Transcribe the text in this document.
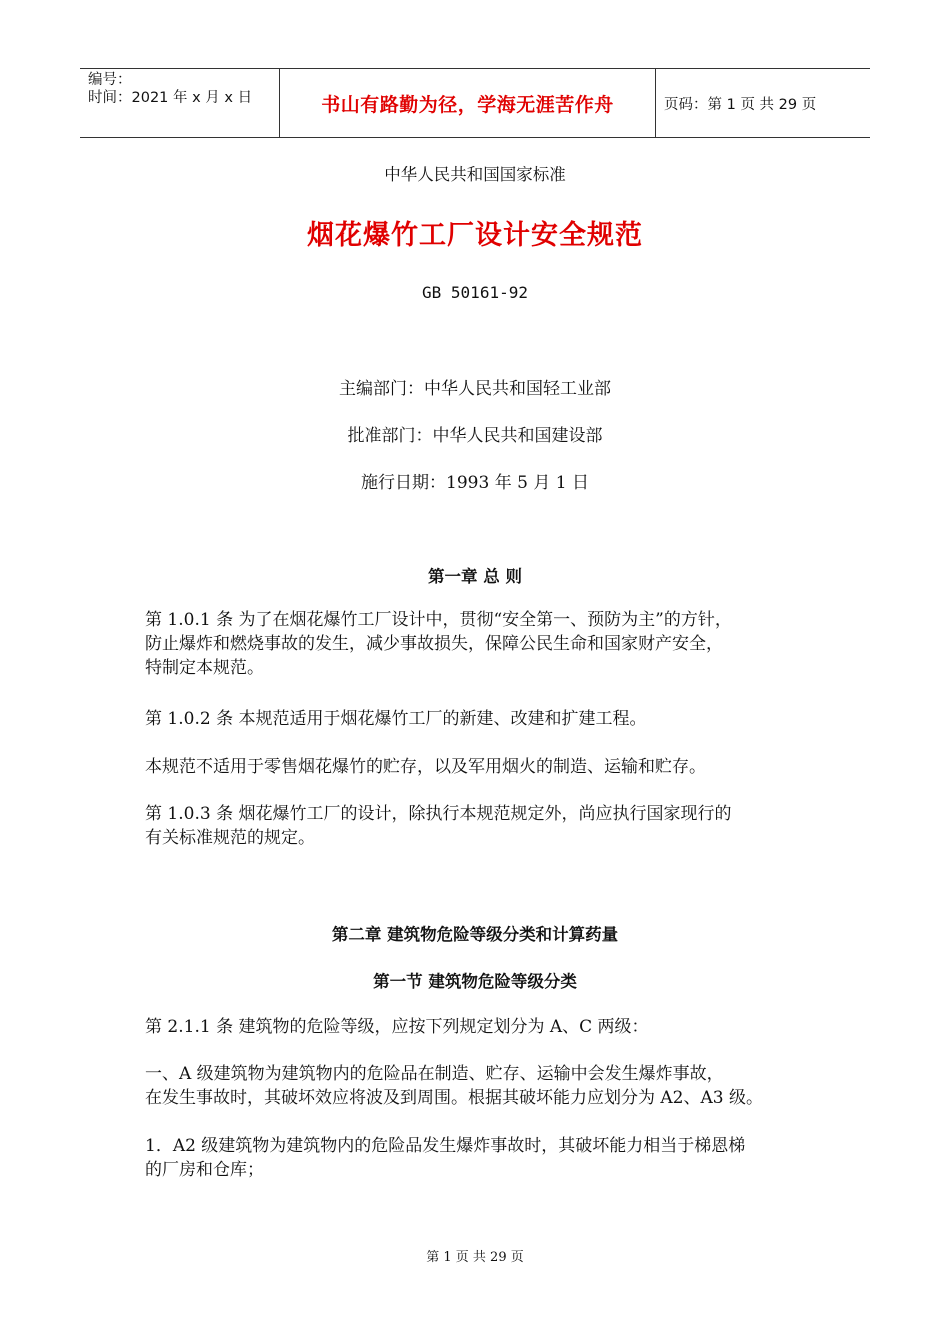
编号：
时间：2021 年 x 月 x 日	书山有路勤为径，学海无涯苦作舟	页码：第 1 页 共 29 页
中华人民共和国国家标准
烟花爆竹工厂设计安全规范
GB 50161-92
主编部门：中华人民共和国轻工业部
批准部门：中华人民共和国建设部
施行日期：1993 年 5 月 1 日
第一章 总 则
第 1.0.1 条 为了在烟花爆竹工厂设计中，贯彻“安全第一、预防为主”的方针，
防止爆炸和燃烧事故的发生，减少事故损失，保障公民生命和国家财产安全，
特制定本规范。
第 1.0.2 条 本规范适用于烟花爆竹工厂的新建、改建和扩建工程。
本规范不适用于零售烟花爆竹的贮存，以及军用烟火的制造、运输和贮存。
第 1.0.3 条 烟花爆竹工厂的设计，除执行本规范规定外，尚应执行国家现行的
有关标准规范的规定。
第二章 建筑物危险等级分类和计算药量
第一节 建筑物危险等级分类
第 2.1.1 条 建筑物的危险等级，应按下列规定划分为 A、C 两级：
一、A 级建筑物为建筑物内的危险品在制造、贮存、运输中会发生爆炸事故，
在发生事故时，其破坏效应将波及到周围。根据其破坏能力应划分为 A2、A3 级。
1．A2 级建筑物为建筑物内的危险品发生爆炸事故时，其破坏能力相当于梯恩梯
的厂房和仓库；
第 1 页 共 29 页
